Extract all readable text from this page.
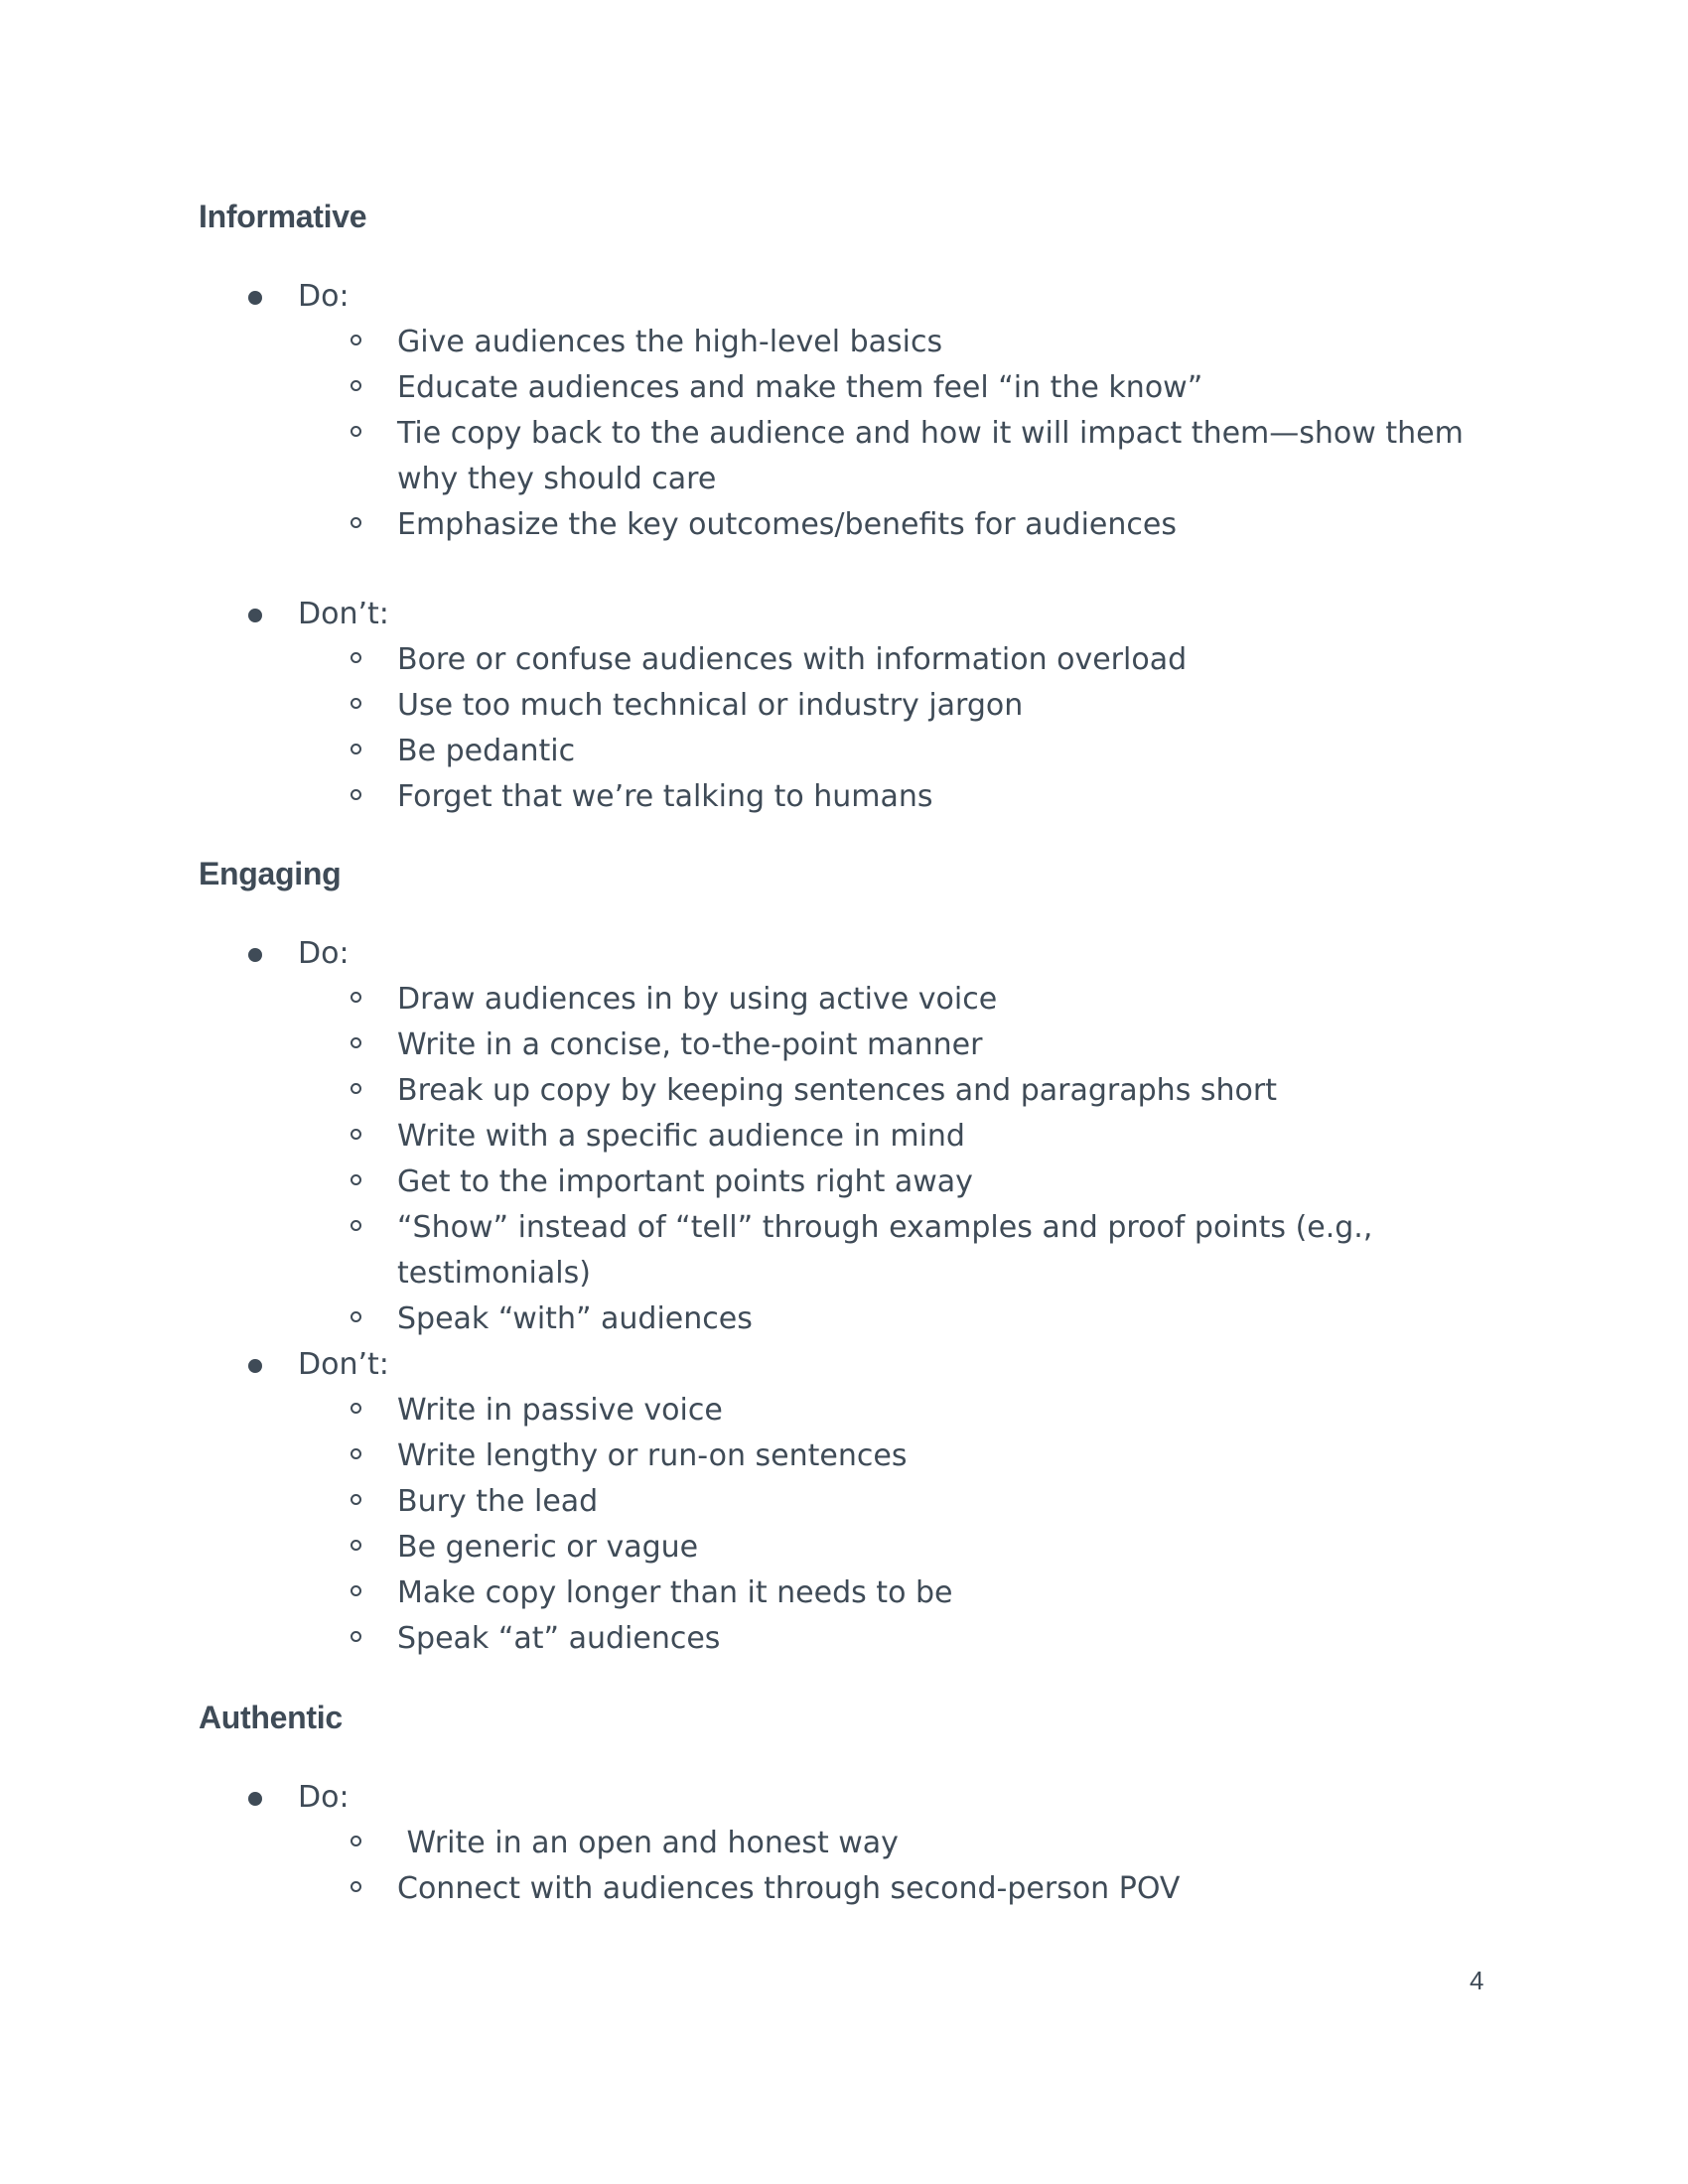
Informative
Do:
Give audiences the high-level basics
Educate audiences and make them feel “in the know”
Tie copy back to the audience and how it will impact them—show them
why they should care
Emphasize the key outcomes/benefits for audiences
Don’t:
Bore or confuse audiences with information overload
Use too much technical or industry jargon
Be pedantic
Forget that we’re talking to humans
Engaging
Do:
Draw audiences in by using active voice
Write in a concise, to-the-point manner
Break up copy by keeping sentences and paragraphs short
Write with a specific audience in mind
Get to the important points right away
“Show” instead of “tell” through examples and proof points (e.g.,
testimonials)
Speak “with” audiences
Don’t:
Write in passive voice
Write lengthy or run-on sentences
Bury the lead
Be generic or vague
Make copy longer than it needs to be
Speak “at” audiences
Authentic
Do:
Write in an open and honest way
Connect with audiences through second-person POV
4
